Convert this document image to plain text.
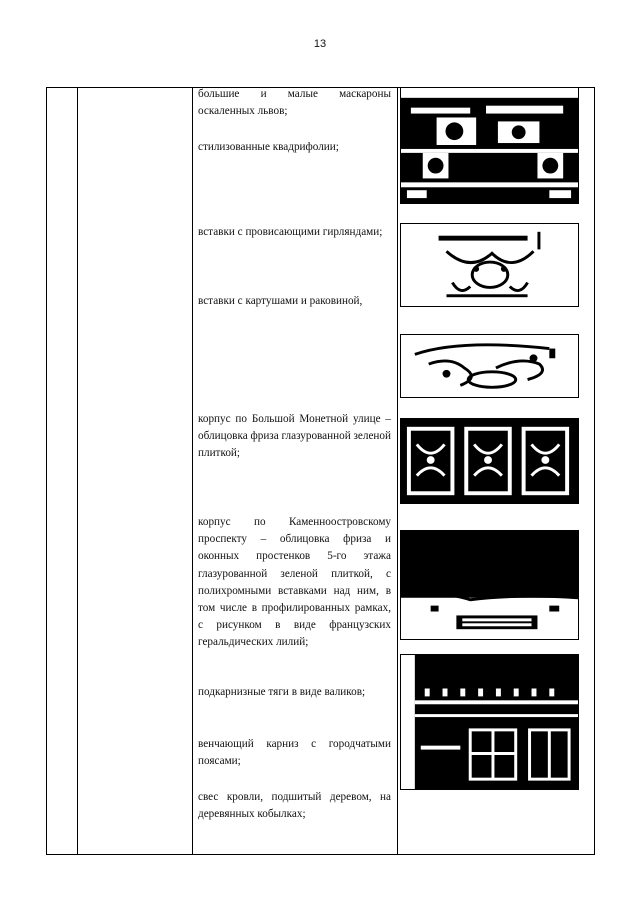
13
большие и малые маскароны оскаленных львов;
стилизованные квадрифолии;
вставки с провисающими гирляндами;
вставки с картушами и раковиной,
корпус по Большой Монетной улице – облицовка фриза глазурованной зеленой плиткой;
корпус по Каменноостровскому проспекту – облицовка фриза и оконных простенков 5-го этажа глазурованной зеленой плиткой, с полихромными вставками над ним, в том числе в профилированных рамках, с рисунком в виде французских геральдических лилий;
подкарнизные тяги в виде валиков;
венчающий карниз с городчатыми поясами;
свес кровли, подшитый деревом, на деревянных кобылках;
